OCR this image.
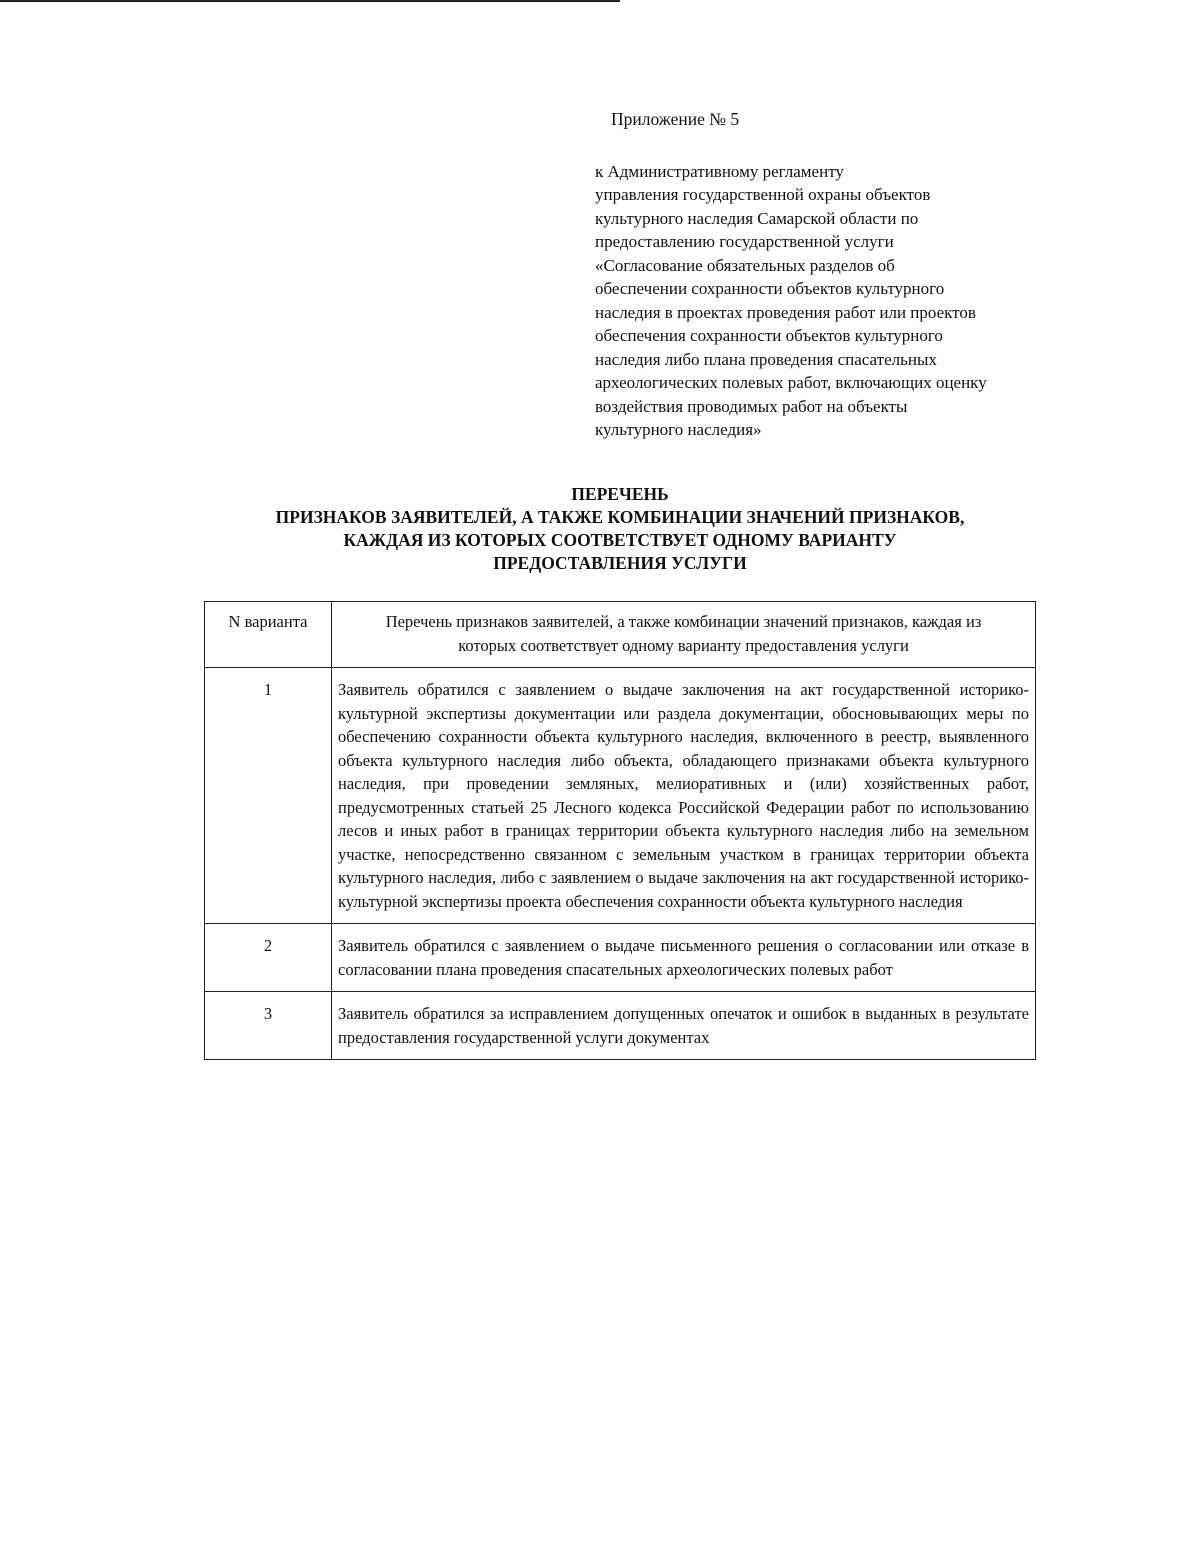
Приложение № 5
к Административному регламенту
управления государственной охраны объектов
культурного наследия Самарской области по
предоставлению государственной услуги
«Согласование обязательных разделов об
обеспечении сохранности объектов культурного
наследия в проектах проведения работ или проектов
обеспечения сохранности объектов культурного
наследия либо плана проведения спасательных
археологических полевых работ, включающих оценку
воздействия проводимых работ на объекты
культурного наследия»
ПЕРЕЧЕНЬ
ПРИЗНАКОВ ЗАЯВИТЕЛЕЙ, А ТАКЖЕ КОМБИНАЦИИ ЗНАЧЕНИЙ ПРИЗНАКОВ,
КАЖДАЯ ИЗ КОТОРЫХ СООТВЕТСТВУЕТ ОДНОМУ ВАРИАНТУ
ПРЕДОСТАВЛЕНИЯ УСЛУГИ
N варианта	Перечень признаков заявителей, а также комбинации значений признаков, каждая из которых соответствует одному варианту предоставления услуги
1	Заявитель обратился с заявлением о выдаче заключения на акт государственной историко-культурной экспертизы документации или раздела документации, обосновывающих меры по обеспечению сохранности объекта культурного наследия, включенного в реестр, выявленного объекта культурного наследия либо объекта, обладающего признаками объекта культурного наследия, при проведении земляных, мелиоративных и (или) хозяйственных работ, предусмотренных статьей 25 Лесного кодекса Российской Федерации работ по использованию лесов и иных работ в границах территории объекта культурного наследия либо на земельном участке, непосредственно связанном с земельным участком в границах территории объекта культурного наследия, либо с заявлением о выдаче заключения на акт государственной историко-культурной экспертизы проекта обеспечения сохранности объекта культурного наследия
2	Заявитель обратился с заявлением о выдаче письменного решения о согласовании или отказе в согласовании плана проведения спасательных археологических полевых работ
3	Заявитель обратился за исправлением допущенных опечаток и ошибок в выданных в результате предоставления государственной услуги документах
